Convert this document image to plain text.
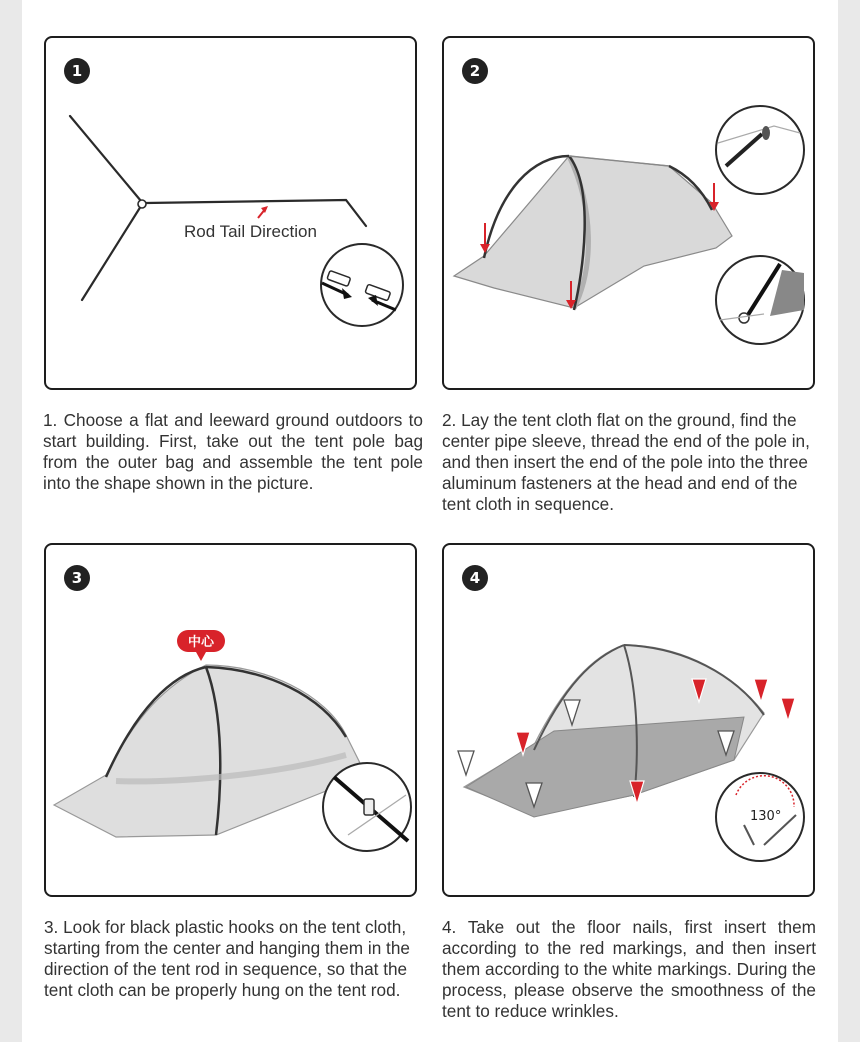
1
Rod Tail Direction
2
3
中心
4
130°
1. Choose a flat and leeward ground outdoors to start building. First, take out the tent pole bag from the outer bag and assemble the tent pole into the shape shown in the picture.
2. Lay the tent cloth flat on the ground, find the center pipe sleeve, thread the end of the pole in, and then insert the end of the pole into the three aluminum fasteners at the head and end of the tent cloth in sequence.
3. Look for black plastic hooks on the tent cloth, starting from the center and hanging them in the direction of the tent rod in sequence, so that the tent cloth can be properly hung on the tent rod.
4. Take out the floor nails, first insert them according to the red markings, and then insert them according to the white markings. During the process, please observe the smoothness of the tent to reduce wrinkles.
